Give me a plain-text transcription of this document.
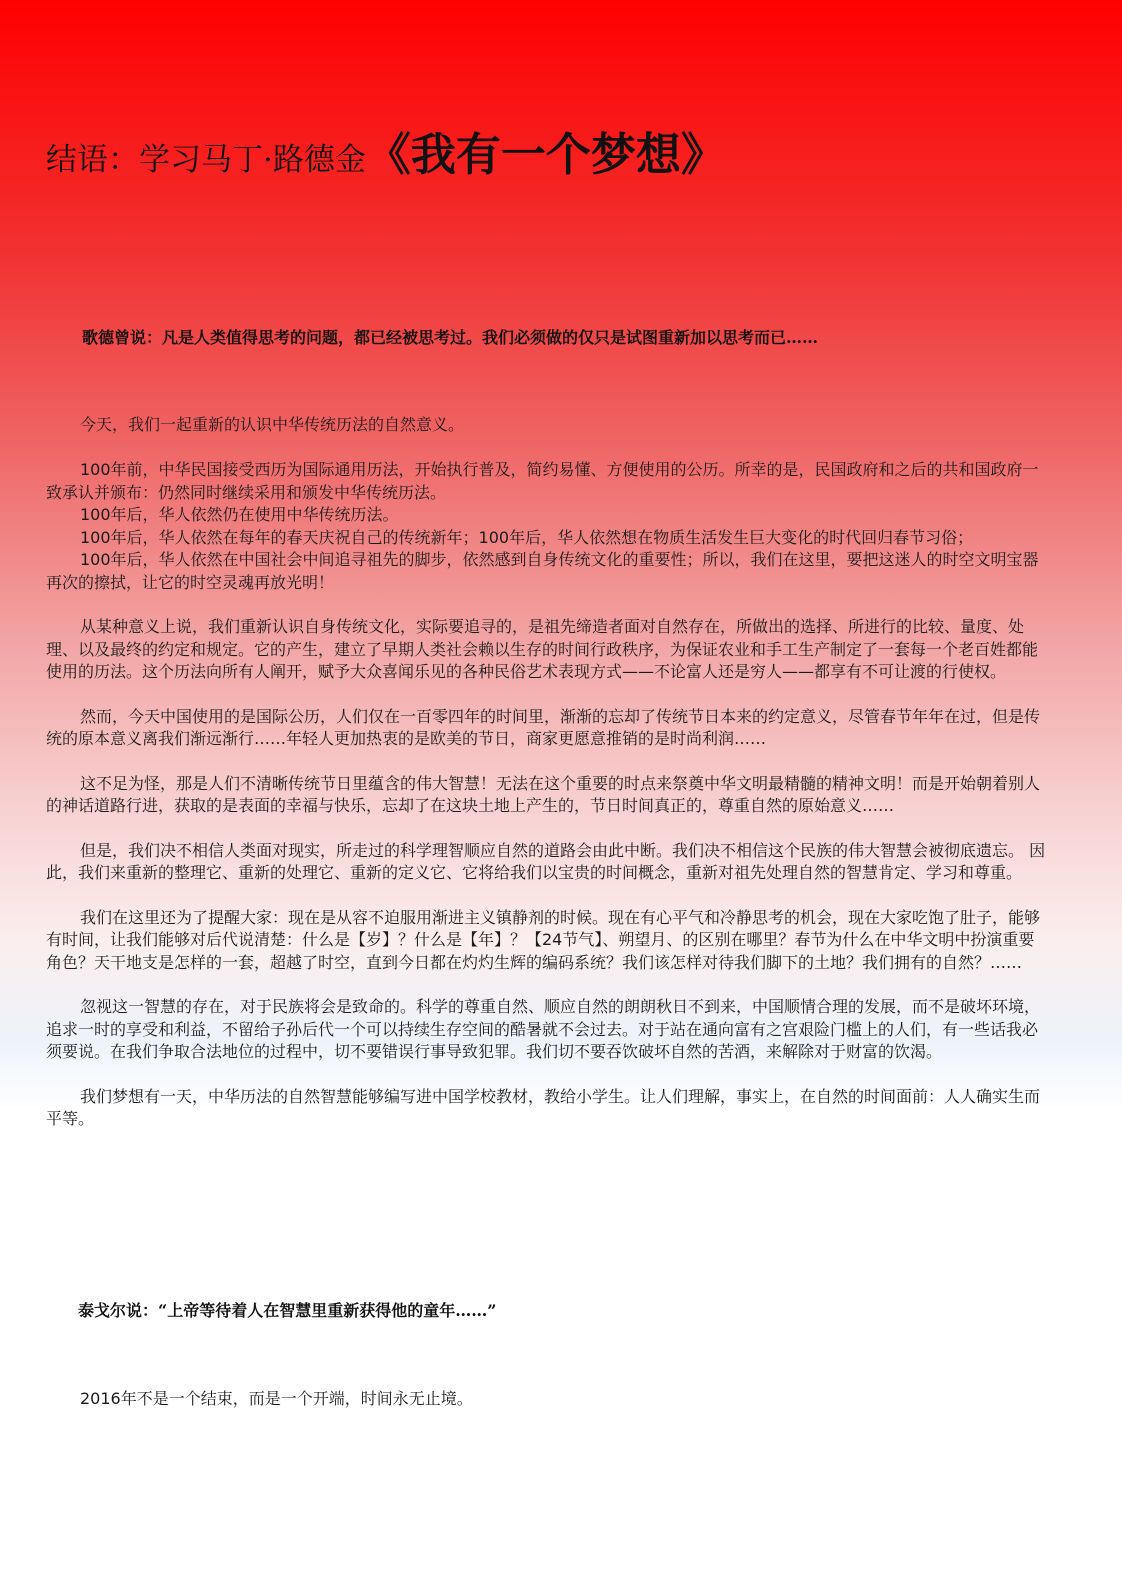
结语：学习马丁·路德金《我有一个梦想》
歌德曾说：凡是人类值得思考的问题，都已经被思考过。我们必须做的仅只是试图重新加以思考而已……

今天，我们一起重新的认识中华传统历法的自然意义。

100年前，中华民国接受西历为国际通用历法，开始执行普及，简约易懂、方便使用的公历。所幸的是，民国政府和之后的共和国政府一致承认并颁布：仍然同时继续采用和颁发中华传统历法。

100年后，华人依然仍在使用中华传统历法。

100年后，华人依然在每年的春天庆祝自己的传统新年；100年后，华人依然想在物质生活发生巨大变化的时代回归春节习俗；

100年后，华人依然在中国社会中间追寻祖先的脚步，依然感到自身传统文化的重要性；所以，我们在这里，要把这迷人的时空文明宝器再次的擦拭，让它的时空灵魂再放光明！

从某种意义上说，我们重新认识自身传统文化，实际要追寻的，是祖先缔造者面对自然存在，所做出的选择、所进行的比较、量度、处理、以及最终的约定和规定。它的产生，建立了早期人类社会赖以生存的时间行政秩序，为保证农业和手工生产制定了一套每一个老百姓都能使用的历法。这个历法向所有人阐开，赋予大众喜闻乐见的各种民俗艺术表现方式——不论富人还是穷人——都享有不可让渡的行使权。

然而，今天中国使用的是国际公历，人们仅在一百零四年的时间里，渐渐的忘却了传统节日本来的约定意义，尽管春节年年在过，但是传统的原本意义离我们渐远渐行……年轻人更加热衷的是欧美的节日，商家更愿意推销的是时尚利润……

这不足为怪，那是人们不清晰传统节日里蕴含的伟大智慧！无法在这个重要的时点来祭奠中华文明最精髓的精神文明！而是开始朝着别人的神话道路行进，获取的是表面的幸福与快乐，忘却了在这块土地上产生的，节日时间真正的，尊重自然的原始意义……

但是，我们决不相信人类面对现实，所走过的科学理智顺应自然的道路会由此中断。我们决不相信这个民族的伟大智慧会被彻底遗忘。 因此，我们来重新的整理它、重新的处理它、重新的定义它、它将给我们以宝贵的时间概念，重新对祖先处理自然的智慧肯定、学习和尊重。

我们在这里还为了提醒大家：现在是从容不迫服用渐进主义镇静剂的时候。现在有心平气和冷静思考的机会，现在大家吃饱了肚子，能够有时间，让我们能够对后代说清楚：什么是【岁】？什么是【年】？【24节气】、朔望月、的区别在哪里？春节为什么在中华文明中扮演重要角色？天干地支是怎样的一套，超越了时空，直到今日都在灼灼生辉的编码系统？我们该怎样对待我们脚下的土地？我们拥有的自然？……

忽视这一智慧的存在，对于民族将会是致命的。科学的尊重自然、顺应自然的朗朗秋日不到来，中国顺情合理的发展，而不是破坏环境，追求一时的享受和利益，不留给子孙后代一个可以持续生存空间的酷暑就不会过去。对于站在通向富有之宫艰险门槛上的人们，有一些话我必须要说。在我们争取合法地位的过程中，切不要错误行事导致犯罪。我们切不要吞饮破坏自然的苦酒，来解除对于财富的饮渴。

我们梦想有一天，中华历法的自然智慧能够编写进中国学校教材，教给小学生。让人们理解，事实上，在自然的时间面前：人人确实生而平等。

泰戈尔说：“上帝等待着人在智慧里重新获得他的童年……”
2016年不是一个结束，而是一个开端，时间永无止境。
